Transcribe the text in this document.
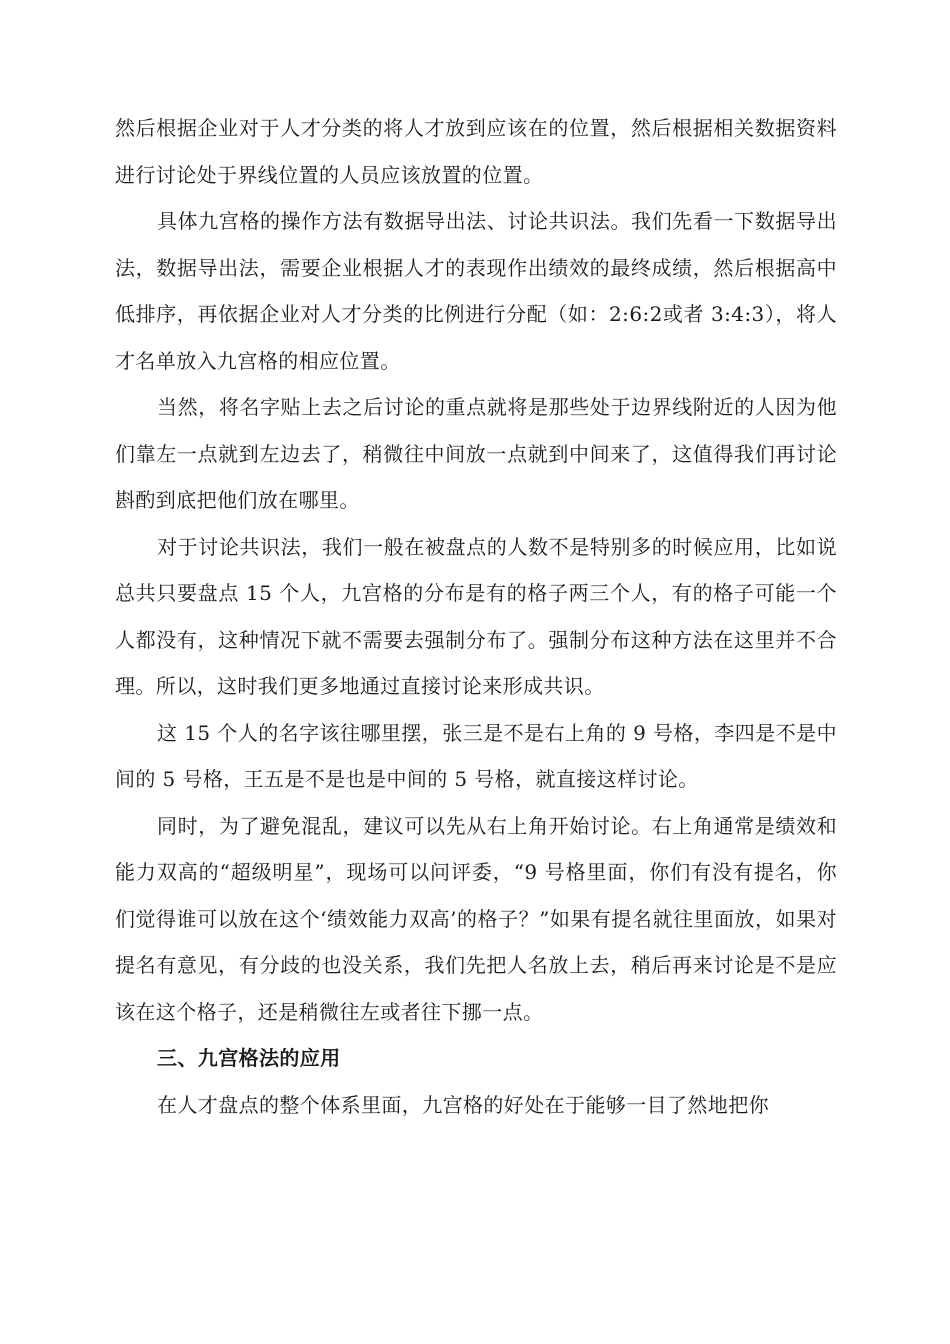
然后根据企业对于人才分类的将人才放到应该在的位置，然后根据相关数据资料进行讨论处于界线位置的人员应该放置的位置。

具体九宫格的操作方法有数据导出法、讨论共识法。我们先看一下数据导出法，数据导出法，需要企业根据人才的表现作出绩效的最终成绩，然后根据高中低排序，再依据企业对人才分类的比例进行分配（如：2:6:2或者 3:4:3），将人才名单放入九宫格的相应位置。

当然，将名字贴上去之后讨论的重点就将是那些处于边界线附近的人因为他们靠左一点就到左边去了，稍微往中间放一点就到中间来了，这值得我们再讨论斟酌到底把他们放在哪里。

对于讨论共识法，我们一般在被盘点的人数不是特别多的时候应用，比如说总共只要盘点 15 个人，九宫格的分布是有的格子两三个人，有的格子可能一个人都没有，这种情况下就不需要去强制分布了。强制分布这种方法在这里并不合理。所以，这时我们更多地通过直接讨论来形成共识。

这 15 个人的名字该往哪里摆，张三是不是右上角的 9 号格，李四是不是中间的 5 号格，王五是不是也是中间的 5 号格，就直接这样讨论。

同时，为了避免混乱，建议可以先从右上角开始讨论。右上角通常是绩效和能力双高的“超级明星”，现场可以问评委，“9 号格里面，你们有没有提名，你们觉得谁可以放在这个‘绩效能力双高’的格子？”如果有提名就往里面放，如果对提名有意见，有分歧的也没关系，我们先把人名放上去，稍后再来讨论是不是应该在这个格子，还是稍微往左或者往下挪一点。

三、九宫格法的应用

在人才盘点的整个体系里面，九宫格的好处在于能够一目了然地把你
